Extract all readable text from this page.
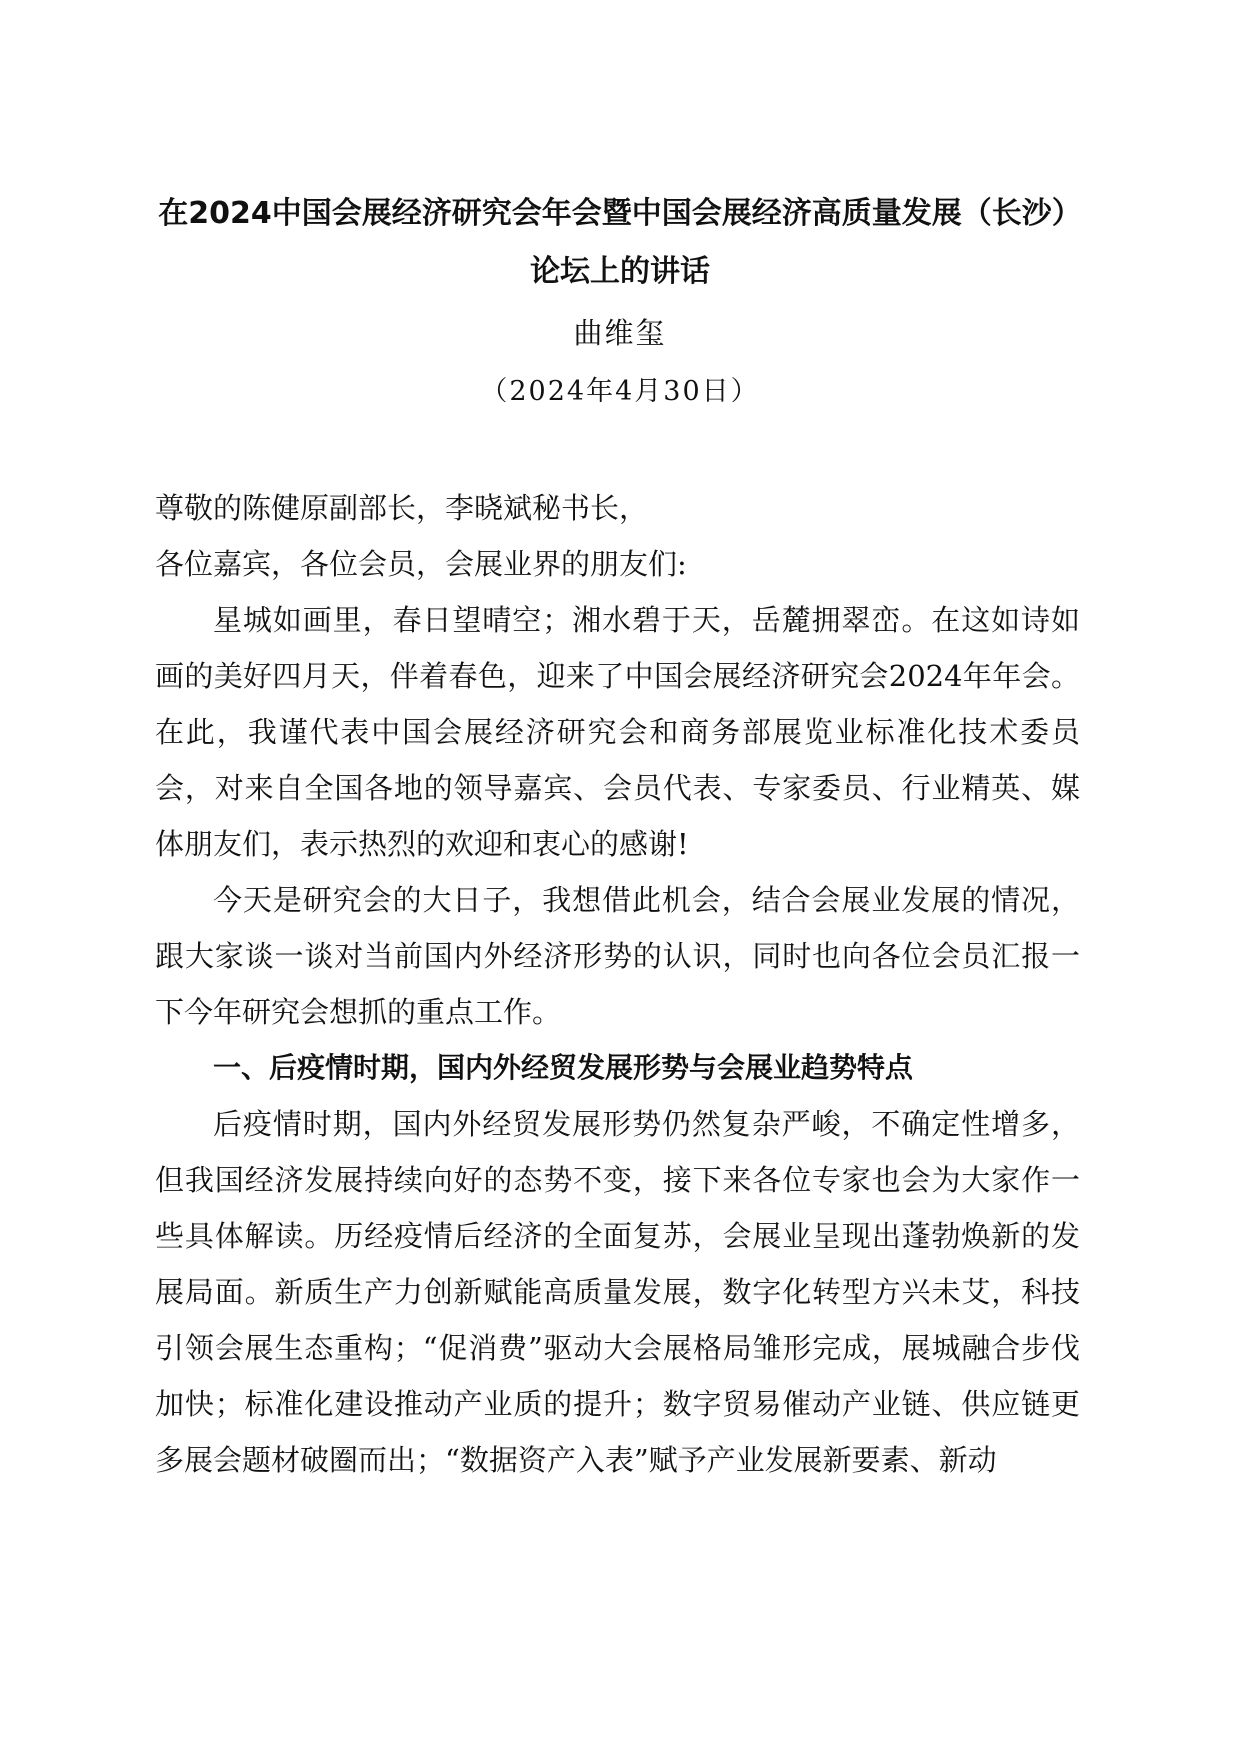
在2024中国会展经济研究会年会暨中国会展经济高质量发展（长沙）论坛上的讲话
曲维玺
（2024年4月30日）

尊敬的陈健原副部长，李晓斌秘书长，

各位嘉宾，各位会员，会展业界的朋友们:

星城如画里，春日望晴空；湘水碧于天，岳麓拥翠峦。在这如诗如画的美好四月天，伴着春色，迎来了中国会展经济研究会2024年年会。在此，我谨代表中国会展经济研究会和商务部展览业标准化技术委员会，对来自全国各地的领导嘉宾、会员代表、专家委员、行业精英、媒体朋友们，表示热烈的欢迎和衷心的感谢!

今天是研究会的大日子，我想借此机会，结合会展业发展的情况，跟大家谈一谈对当前国内外经济形势的认识，同时也向各位会员汇报一下今年研究会想抓的重点工作。

一、后疫情时期，国内外经贸发展形势与会展业趋势特点

后疫情时期，国内外经贸发展形势仍然复杂严峻，不确定性增多，但我国经济发展持续向好的态势不变，接下来各位专家也会为大家作一些具体解读。历经疫情后经济的全面复苏，会展业呈现出蓬勃焕新的发展局面。新质生产力创新赋能高质量发展，数字化转型方兴未艾，科技引领会展生态重构；“促消费”驱动大会展格局雏形完成，展城融合步伐加快；标准化建设推动产业质的提升；数字贸易催动产业链、供应链更多展会题材破圈而出；“数据资产入表”赋予产业发展新要素、新动
